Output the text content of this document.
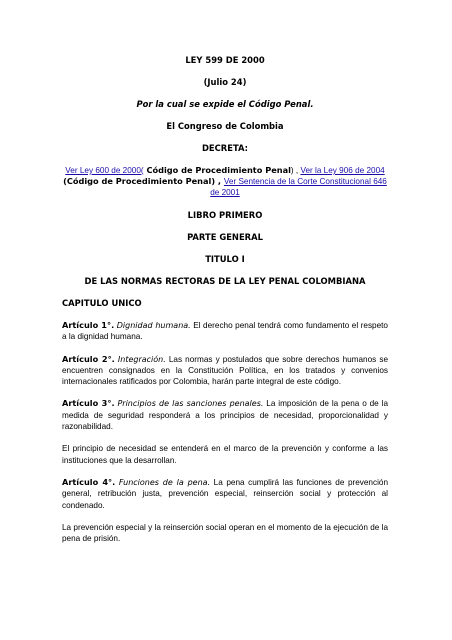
LEY 599 DE 2000
(Julio 24)
Por la cual se expide el Código Penal.
El Congreso de Colombia
DECRETA:
Ver Ley 600 de 2000( Código de Procedimiento Penal) , Ver la Ley 906 de 2004 (Código de Procedimiento Penal) , Ver Sentencia de la Corte Constitucional 646 de 2001
LIBRO PRIMERO
PARTE GENERAL
TITULO I
DE LAS NORMAS RECTORAS DE LA LEY PENAL COLOMBIANA
CAPITULO UNICO

Artículo 1°. Dignidad humana. El derecho penal tendrá como fundamento el respeto a la dignidad humana.

Artículo 2°. Integración. Las normas y postulados que sobre derechos humanos se encuentren consignados en la Constitución Política, en los tratados y convenios internacionales ratificados por Colombia, harán parte integral de este código.

Artículo 3°. Principios de las sanciones penales. La imposición de la pena o de la medida de seguridad responderá a los principios de necesidad, proporcionalidad y razonabilidad.

El principio de necesidad se entenderá en el marco de la prevención y conforme a las instituciones que la desarrollan.

Artículo 4°. Funciones de la pena. La pena cumplirá las funciones de prevención general, retribución justa, prevención especial, reinserción social y protección al condenado.

La prevención especial y la reinserción social operan en el momento de la ejecución de la pena de prisión.
